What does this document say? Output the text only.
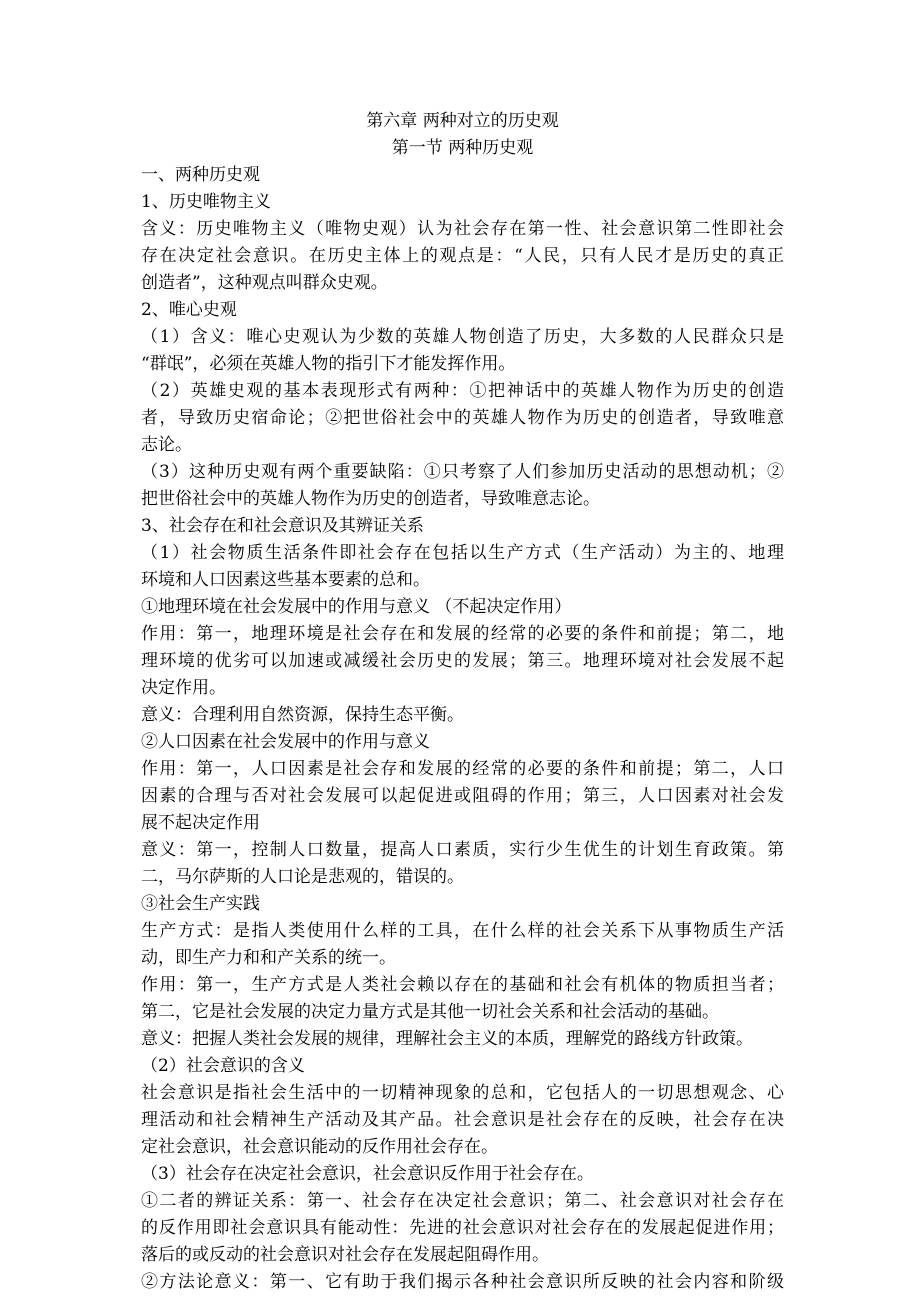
第六章 两种对立的历史观
第一节 两种历史观
一、两种历史观
1、历史唯物主义
含义：历史唯物主义（唯物史观）认为社会存在第一性、社会意识第二性即社会
存在决定社会意识。在历史主体上的观点是：“人民，只有人民才是历史的真正
创造者”，这种观点叫群众史观。
2、唯心史观
（1）含义：唯心史观认为少数的英雄人物创造了历史，大多数的人民群众只是
“群氓”，必须在英雄人物的指引下才能发挥作用。
（2）英雄史观的基本表现形式有两种：①把神话中的英雄人物作为历史的创造
者，导致历史宿命论；②把世俗社会中的英雄人物作为历史的创造者，导致唯意
志论。
（3）这种历史观有两个重要缺陷：①只考察了人们参加历史活动的思想动机；②
把世俗社会中的英雄人物作为历史的创造者，导致唯意志论。
3、社会存在和社会意识及其辨证关系
（1）社会物质生活条件即社会存在包括以生产方式（生产活动）为主的、地理
环境和人口因素这些基本要素的总和。
①地理环境在社会发展中的作用与意义 （不起决定作用）
作用：第一，地理环境是社会存在和发展的经常的必要的条件和前提；第二，地
理环境的优劣可以加速或减缓社会历史的发展；第三。地理环境对社会发展不起
决定作用。
意义：合理利用自然资源，保持生态平衡。
②人口因素在社会发展中的作用与意义
作用：第一，人口因素是社会存和发展的经常的必要的条件和前提；第二，人口
因素的合理与否对社会发展可以起促进或阻碍的作用；第三，人口因素对社会发
展不起决定作用
意义：第一，控制人口数量，提高人口素质，实行少生优生的计划生育政策。第
二，马尔萨斯的人口论是悲观的，错误的。
③社会生产实践
生产方式：是指人类使用什么样的工具，在什么样的社会关系下从事物质生产活
动，即生产力和和产关系的统一。
作用：第一，生产方式是人类社会赖以存在的基础和社会有机体的物质担当者；
第二，它是社会发展的决定力量方式是其他一切社会关系和社会活动的基础。
意义：把握人类社会发展的规律，理解社会主义的本质，理解党的路线方针政策。
（2）社会意识的含义
社会意识是指社会生活中的一切精神现象的总和，它包括人的一切思想观念、心
理活动和社会精神生产活动及其产品。社会意识是社会存在的反映，社会存在决
定社会意识，社会意识能动的反作用社会存在。
（3）社会存在决定社会意识，社会意识反作用于社会存在。
①二者的辨证关系：第一、社会存在决定社会意识；第二、社会意识对社会存在
的反作用即社会意识具有能动性：先进的社会意识对社会存在的发展起促进作用；
落后的或反动的社会意识对社会存在发展起阻碍作用。
②方法论意义：第一、它有助于我们揭示各种社会意识所反映的社会内容和阶级
